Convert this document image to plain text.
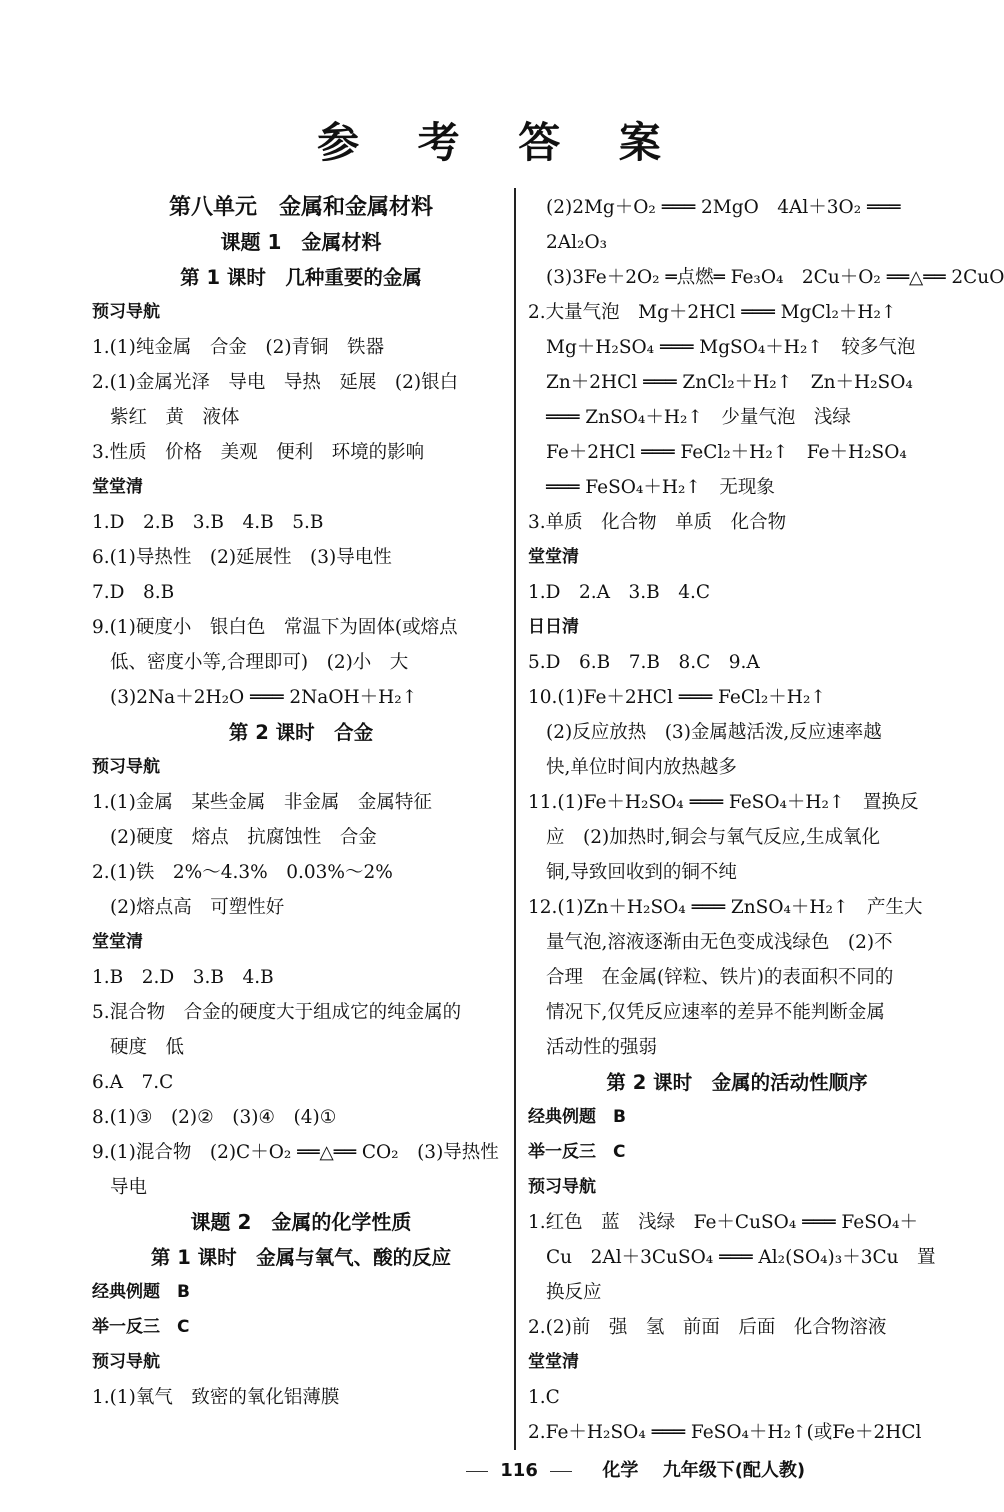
参 考 答 案
第八单元　金属和金属材料
课题 1　金属材料
第 1 课时　几种重要的金属
预习导航
1.(1)纯金属　合金　(2)青铜　铁器
2.(1)金属光泽　导电　导热　延展　(2)银白
紫红　黄　液体
3.性质　价格　美观　便利　环境的影响
堂堂清
1.D　2.B　3.B　4.B　5.B
6.(1)导热性　(2)延展性　(3)导电性
7.D　8.B
9.(1)硬度小　银白色　常温下为固体(或熔点
低、密度小等,合理即可)　(2)小　大
(3)2Na＋2H₂O ═══ 2NaOH＋H₂↑
第 2 课时　合金
预习导航
1.(1)金属　某些金属　非金属　金属特征
(2)硬度　熔点　抗腐蚀性　合金
2.(1)铁　2%～4.3%　0.03%～2%
(2)熔点高　可塑性好
堂堂清
1.B　2.D　3.B　4.B
5.混合物　合金的硬度大于组成它的纯金属的
硬度　低
6.A　7.C
8.(1)③　(2)②　(3)④　(4)①
9.(1)混合物　(2)C＋O₂ ══△══ CO₂　(3)导热性
导电
课题 2　金属的化学性质
第 1 课时　金属与氧气、酸的反应
经典例题　B
举一反三　C
预习导航
1.(1)氧气　致密的氧化铝薄膜
(2)2Mg＋O₂ ═══ 2MgO　4Al＋3O₂ ═══
2Al₂O₃
(3)3Fe＋2O₂ ═点燃═ Fe₃O₄　2Cu＋O₂ ══△══ 2CuO
2.大量气泡　Mg＋2HCl ═══ MgCl₂＋H₂↑
Mg＋H₂SO₄ ═══ MgSO₄＋H₂↑　较多气泡
Zn＋2HCl ═══ ZnCl₂＋H₂↑　Zn＋H₂SO₄
═══ ZnSO₄＋H₂↑　少量气泡　浅绿
Fe＋2HCl ═══ FeCl₂＋H₂↑　Fe＋H₂SO₄
═══ FeSO₄＋H₂↑　无现象
3.单质　化合物　单质　化合物
堂堂清
1.D　2.A　3.B　4.C
日日清
5.D　6.B　7.B　8.C　9.A
10.(1)Fe＋2HCl ═══ FeCl₂＋H₂↑
(2)反应放热　(3)金属越活泼,反应速率越
快,单位时间内放热越多
11.(1)Fe＋H₂SO₄ ═══ FeSO₄＋H₂↑　置换反
应　(2)加热时,铜会与氧气反应,生成氧化
铜,导致回收到的铜不纯
12.(1)Zn＋H₂SO₄ ═══ ZnSO₄＋H₂↑　产生大
量气泡,溶液逐渐由无色变成浅绿色　(2)不
合理　在金属(锌粒、铁片)的表面积不同的
情况下,仅凭反应速率的差异不能判断金属
活动性的强弱
第 2 课时　金属的活动性顺序
经典例题　B
举一反三　C
预习导航
1.红色　蓝　浅绿　Fe＋CuSO₄ ═══ FeSO₄＋
Cu　2Al＋3CuSO₄ ═══ Al₂(SO₄)₃＋3Cu　置
换反应
2.(2)前　强　氢　前面　后面　化合物溶液
堂堂清
1.C
2.Fe＋H₂SO₄ ═══ FeSO₄＋H₂↑(或Fe＋2HCl
116	化学 九年级下(配人教)
